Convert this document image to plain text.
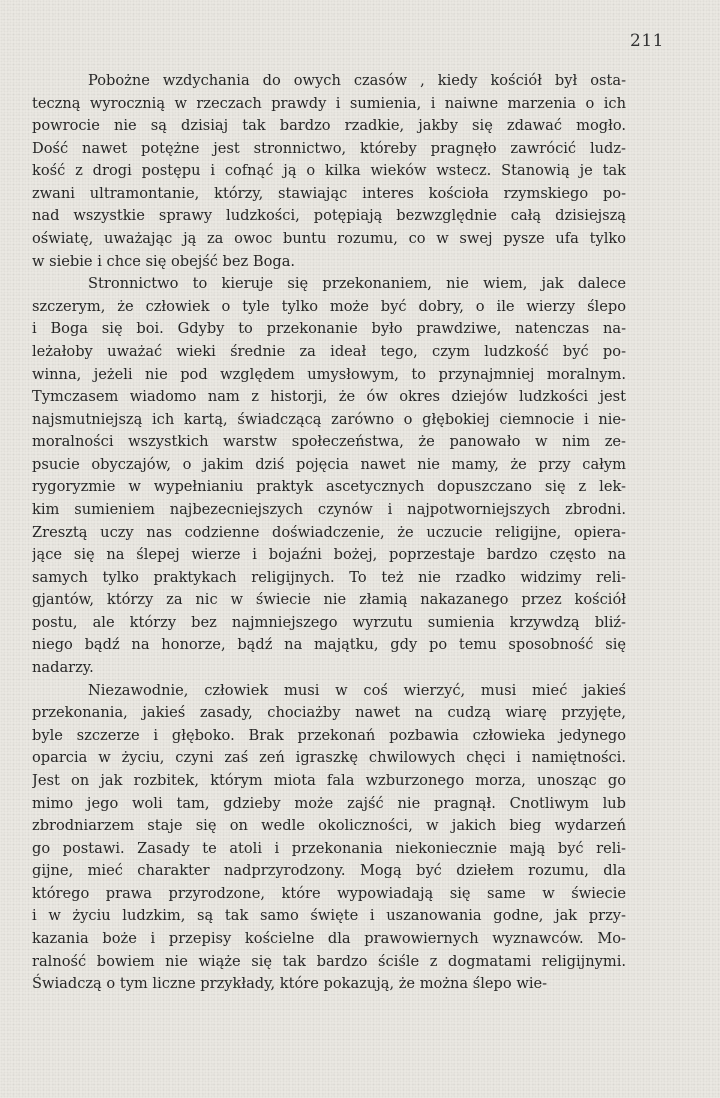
211

Pobożne wzdychania do owych czasów , kiedy kościół był osta-

teczną wyrocznią w rzeczach prawdy i sumienia, i naiwne marzenia o ich

powrocie nie są dzisiaj tak bardzo rzadkie, jakby się zdawać mogło.

Dość nawet potężne jest stronnictwo, któreby pragnęło zawrócić ludz-

kość z drogi postępu i cofnąć ją o kilka wieków wstecz. Stanowią je tak

zwani ultramontanie, którzy, stawiając interes kościoła rzymskiego po-

nad wszystkie sprawy ludzkości, potępiają bezwzględnie całą dzisiejszą

oświatę, uważając ją za owoc buntu rozumu, co w swej pysze ufa tylko

w siebie i chce się obejść bez Boga.

Stronnictwo to kieruje się przekonaniem, nie wiem, jak dalece

szczerym, że człowiek o tyle tylko może być dobry, o ile wierzy ślepo

i Boga się boi. Gdyby to przekonanie było prawdziwe, natenczas na-

leżałoby uważać wieki średnie za ideał tego, czym ludzkość być po-

winna, jeżeli nie pod względem umysłowym, to przynajmniej moralnym.

Tymczasem wiadomo nam z historji, że ów okres dziejów ludzkości jest

najsmutniejszą ich kartą, świadczącą zarówno o głębokiej ciemnocie i nie-

moralności wszystkich warstw społeczeństwa, że panowało w nim ze-

psucie obyczajów, o jakim dziś pojęcia nawet nie mamy, że przy całym

rygoryzmie w wypełnianiu praktyk ascetycznych dopuszczano się z lek-

kim sumieniem najbezecniejszych czynów i najpotworniejszych zbrodni.

Zresztą uczy nas codzienne doświadczenie, że uczucie religijne, opiera-

jące się na ślepej wierze i bojaźni bożej, poprzestaje bardzo często na

samych tylko praktykach religijnych. To też nie rzadko widzimy reli-

gjantów, którzy za nic w świecie nie złamią nakazanego przez kościół

postu, ale którzy bez najmniejszego wyrzutu sumienia krzywdzą bliź-

niego bądź na honorze, bądź na majątku, gdy po temu sposobność się

nadarzy.

Niezawodnie, człowiek musi w coś wierzyć, musi mieć jakieś

przekonania, jakieś zasady, chociażby nawet na cudzą wiarę przyjęte,

byle szczerze i głęboko. Brak przekonań pozbawia człowieka jedynego

oparcia w życiu, czyni zaś zeń igraszkę chwilowych chęci i namiętności.

Jest on jak rozbitek, którym miota fala wzburzonego morza, unosząc go

mimo jego woli tam, gdzieby może zajść nie pragnął. Cnotliwym lub

zbrodniarzem staje się on wedle okoliczności, w jakich bieg wydarzeń

go postawi. Zasady te atoli i przekonania niekoniecznie mają być reli-

gijne, mieć charakter nadprzyrodzony. Mogą być dziełem rozumu, dla

którego prawa przyrodzone, które wypowiadają się same w świecie

i w życiu ludzkim, są tak samo święte i uszanowania godne, jak przy-

kazania boże i przepisy kościelne dla prawowiernych wyznawców. Mo-

ralność bowiem nie wiąże się tak bardzo ściśle z dogmatami religijnymi.

Świadczą o tym liczne przykłady, które pokazują, że można ślepo wie-
